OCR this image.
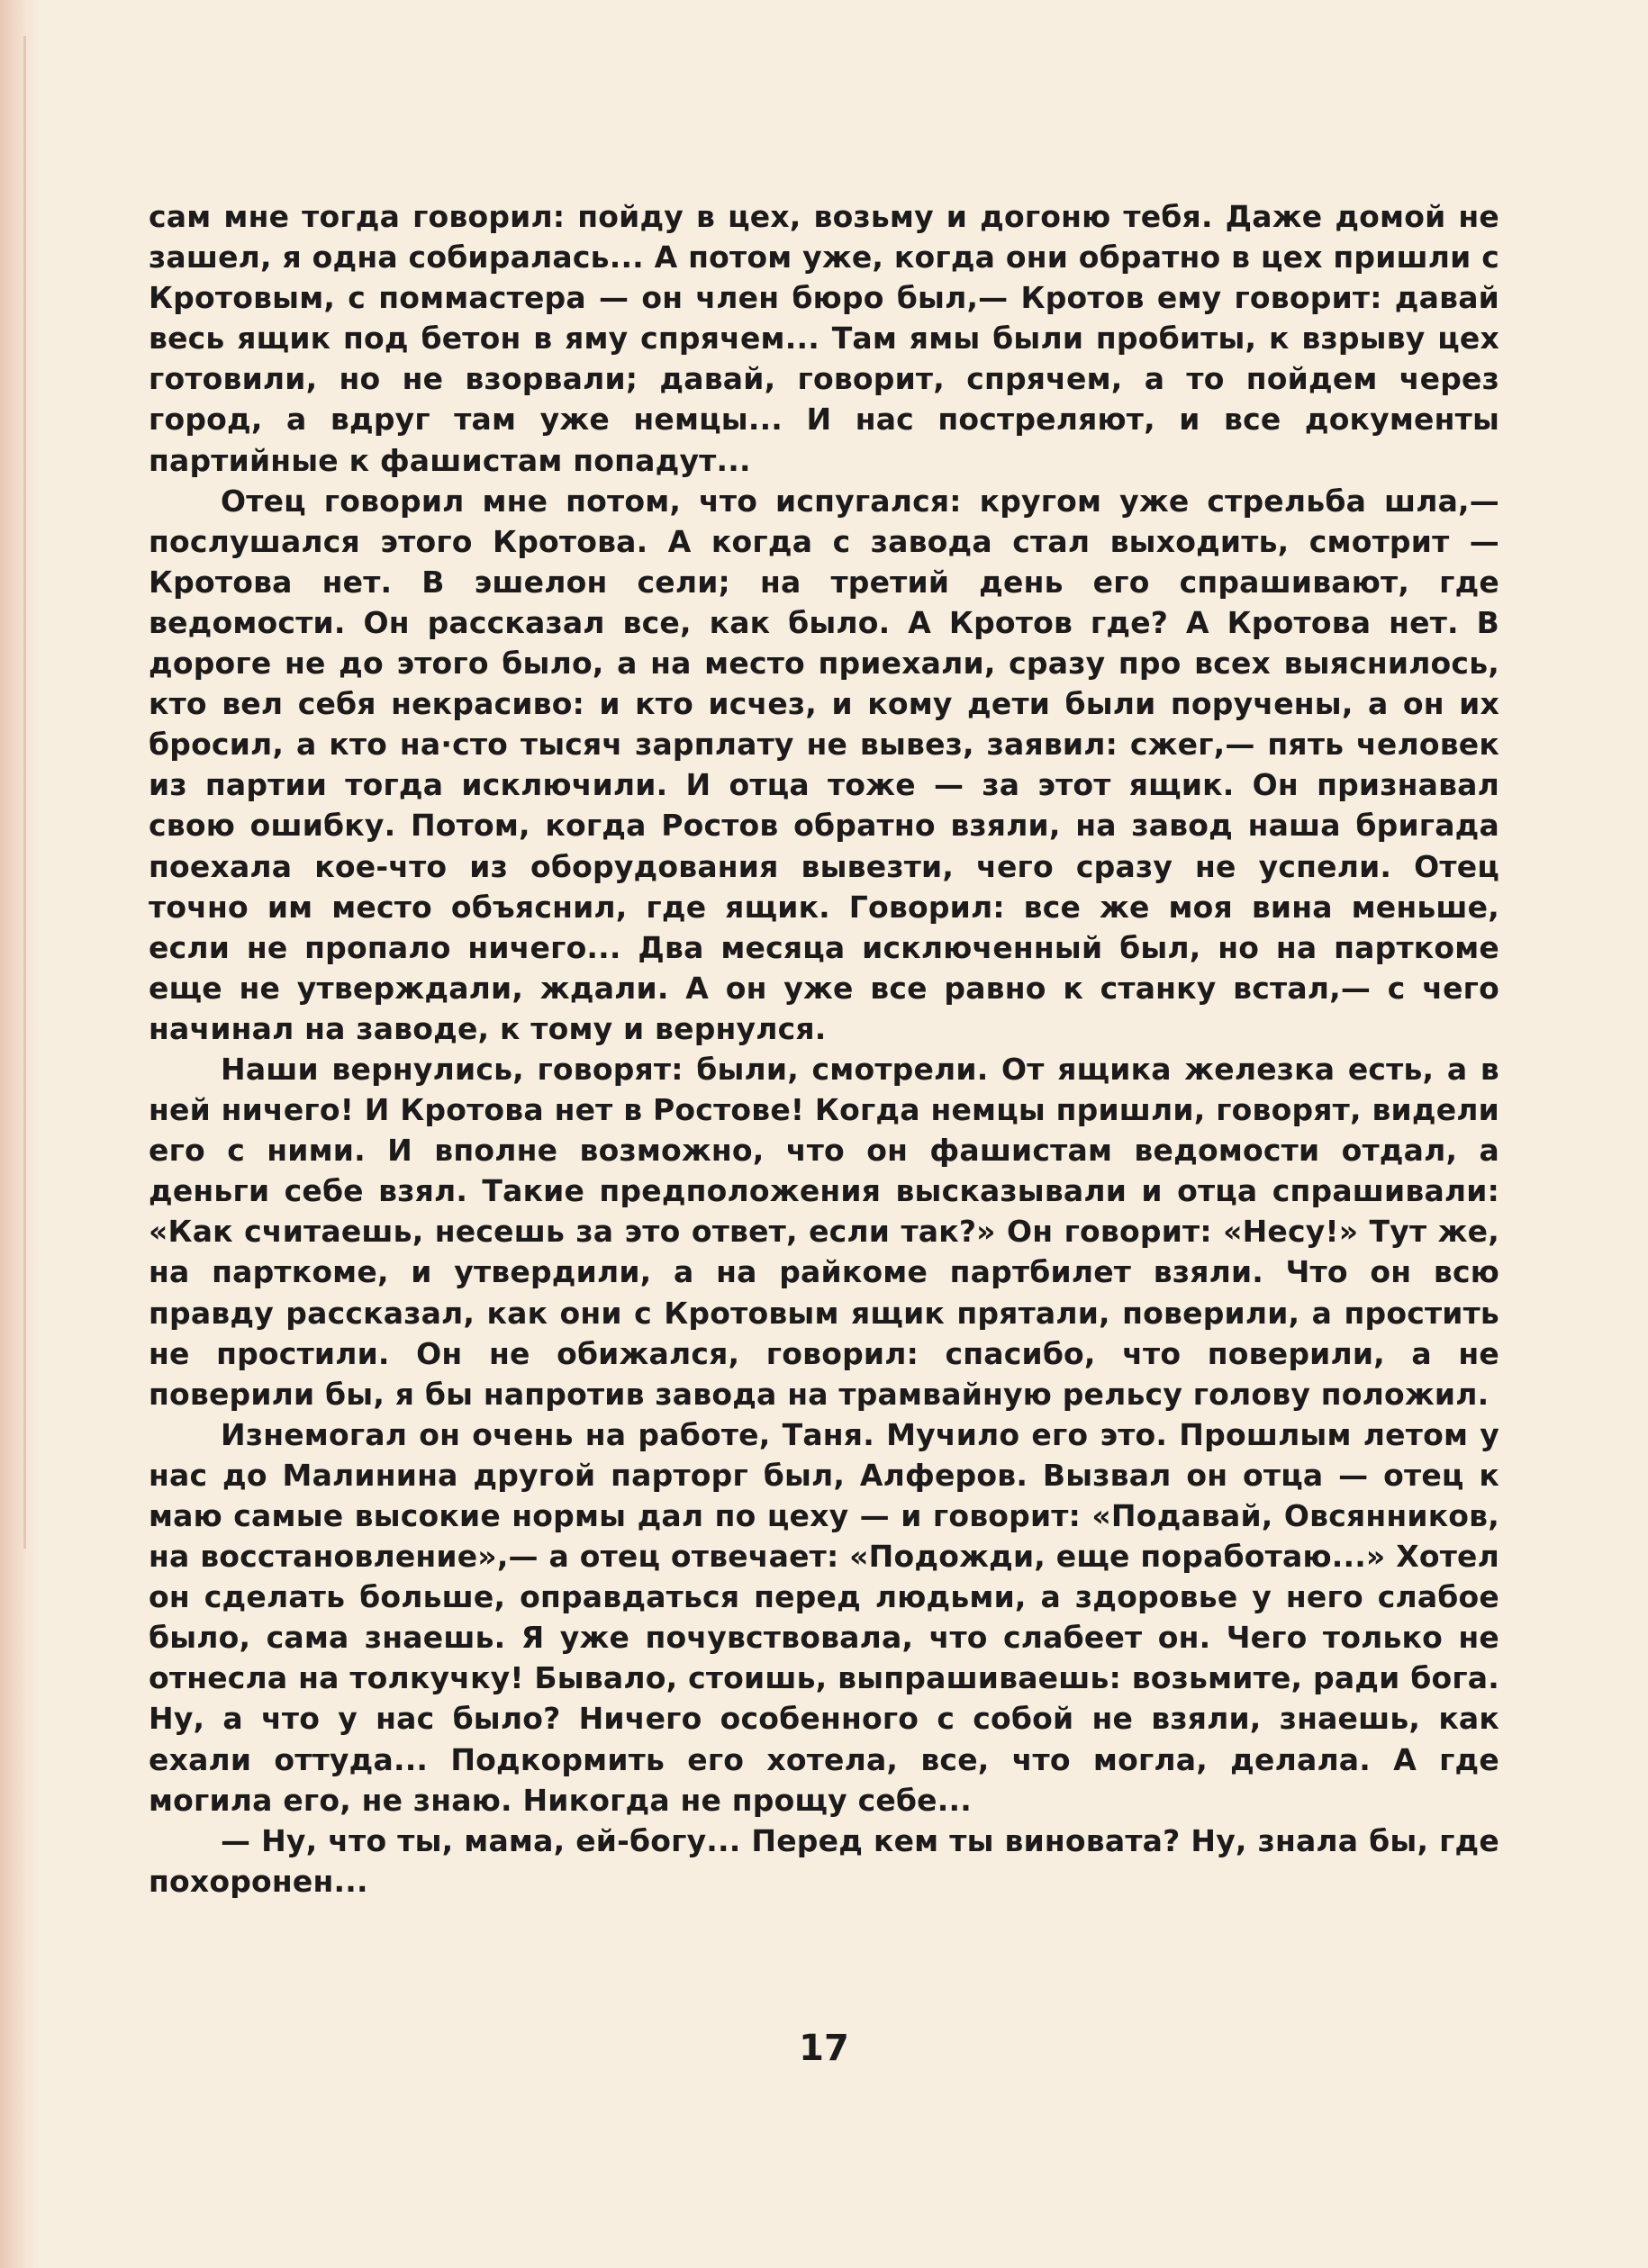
сам мне тогда говорил: пойду в цех, возьму и догоню тебя. Даже домой не зашел, я одна собиралась... А потом уже, когда они обратно в цех пришли с Кротовым, с поммастера — он член бюро был,— Кротов ему говорит: давай весь ящик под бетон в яму спрячем... Там ямы были пробиты, к взрыву цех готовили, но не взорвали; давай, говорит, спрячем, а то пойдем через город, а вдруг там уже немцы... И нас постреляют, и все документы партийные к фашистам попадут...

Отец говорил мне потом, что испугался: кругом уже стрельба шла,— послушался этого Кротова. А когда с завода стал выходить, смотрит — Кротова нет. В эшелон сели; на третий день его спрашивают, где ведомости. Он рассказал все, как было. А Кротов где? А Кротова нет. В дороге не до этого было, а на место приехали, сразу про всех выяснилось, кто вел себя некрасиво: и кто исчез, и кому дети были поручены, а он их бросил, а кто на·сто тысяч зарплату не вывез, заявил: сжег,— пять человек из партии тогда исключили. И отца тоже — за этот ящик. Он признавал свою ошибку. Потом, когда Ростов обратно взяли, на завод наша бригада поехала кое-что из оборудования вывезти, чего сразу не успели. Отец точно им место объяснил, где ящик. Говорил: все же моя вина меньше, если не пропало ничего... Два месяца исключенный был, но на парткоме еще не утверждали, ждали. А он уже все равно к станку встал,— с чего начинал на заводе, к тому и вернулся.

Наши вернулись, говорят: были, смотрели. От ящика железка есть, а в ней ничего! И Кротова нет в Ростове! Когда немцы пришли, говорят, видели его с ними. И вполне возможно, что он фашистам ведомости отдал, а деньги себе взял. Такие предположения высказывали и отца спрашивали: «Как считаешь, несешь за это ответ, если так?» Он говорит: «Несу!» Тут же, на парткоме, и утвердили, а на райкоме партбилет взяли. Что он всю правду рассказал, как они с Кротовым ящик прятали, поверили, а простить не простили. Он не обижался, говорил: спасибо, что поверили, а не поверили бы, я бы напротив завода на трамвайную рельсу голову положил.

Изнемогал он очень на работе, Таня. Мучило его это. Прошлым летом у нас до Малинина другой парторг был, Алферов. Вызвал он отца — отец к маю самые высокие нормы дал по цеху — и говорит: «Подавай, Овсянников, на восстановление»,— а отец отвечает: «Подожди, еще поработаю...» Хотел он сделать больше, оправдаться перед людьми, а здоровье у него слабое было, сама знаешь. Я уже почувствовала, что слабеет он. Чего только не отнесла на толкучку! Бывало, стоишь, выпрашиваешь: возьмите, ради бога. Ну, а что у нас было? Ничего особенного с собой не взяли, знаешь, как ехали оттуда... Подкормить его хотела, все, что могла, делала. А где могила его, не знаю. Никогда не прощу себе...

— Ну, что ты, мама, ей-богу... Перед кем ты виновата? Ну, знала бы, где похоронен...

17
